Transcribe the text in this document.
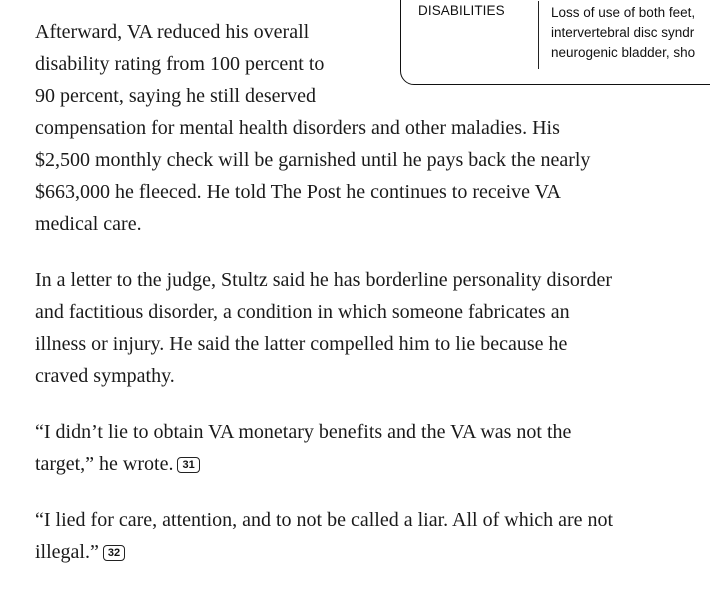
DISABILITIES	Loss of use of both feet,
intervertebral disc syndr
neurogenic bladder, sho

Afterward, VA reduced his overall
disability rating from 100 percent to
90 percent, saying he still deserved
compensation for mental health disorders and other maladies. His
$2,500 monthly check will be garnished until he pays back the nearly
$663,000 he fleeced. He told The Post he continues to receive VA
medical care.

In a letter to the judge, Stultz said he has borderline personality disorder
and factitious disorder, a condition in which someone fabricates an
illness or injury. He said the latter compelled him to lie because he
craved sympathy.

“I didn’t lie to obtain VA monetary benefits and the VA was not the
target,” he wrote. 31

“I lied for care, attention, and to not be called a liar. All of which are not
illegal.” 32
